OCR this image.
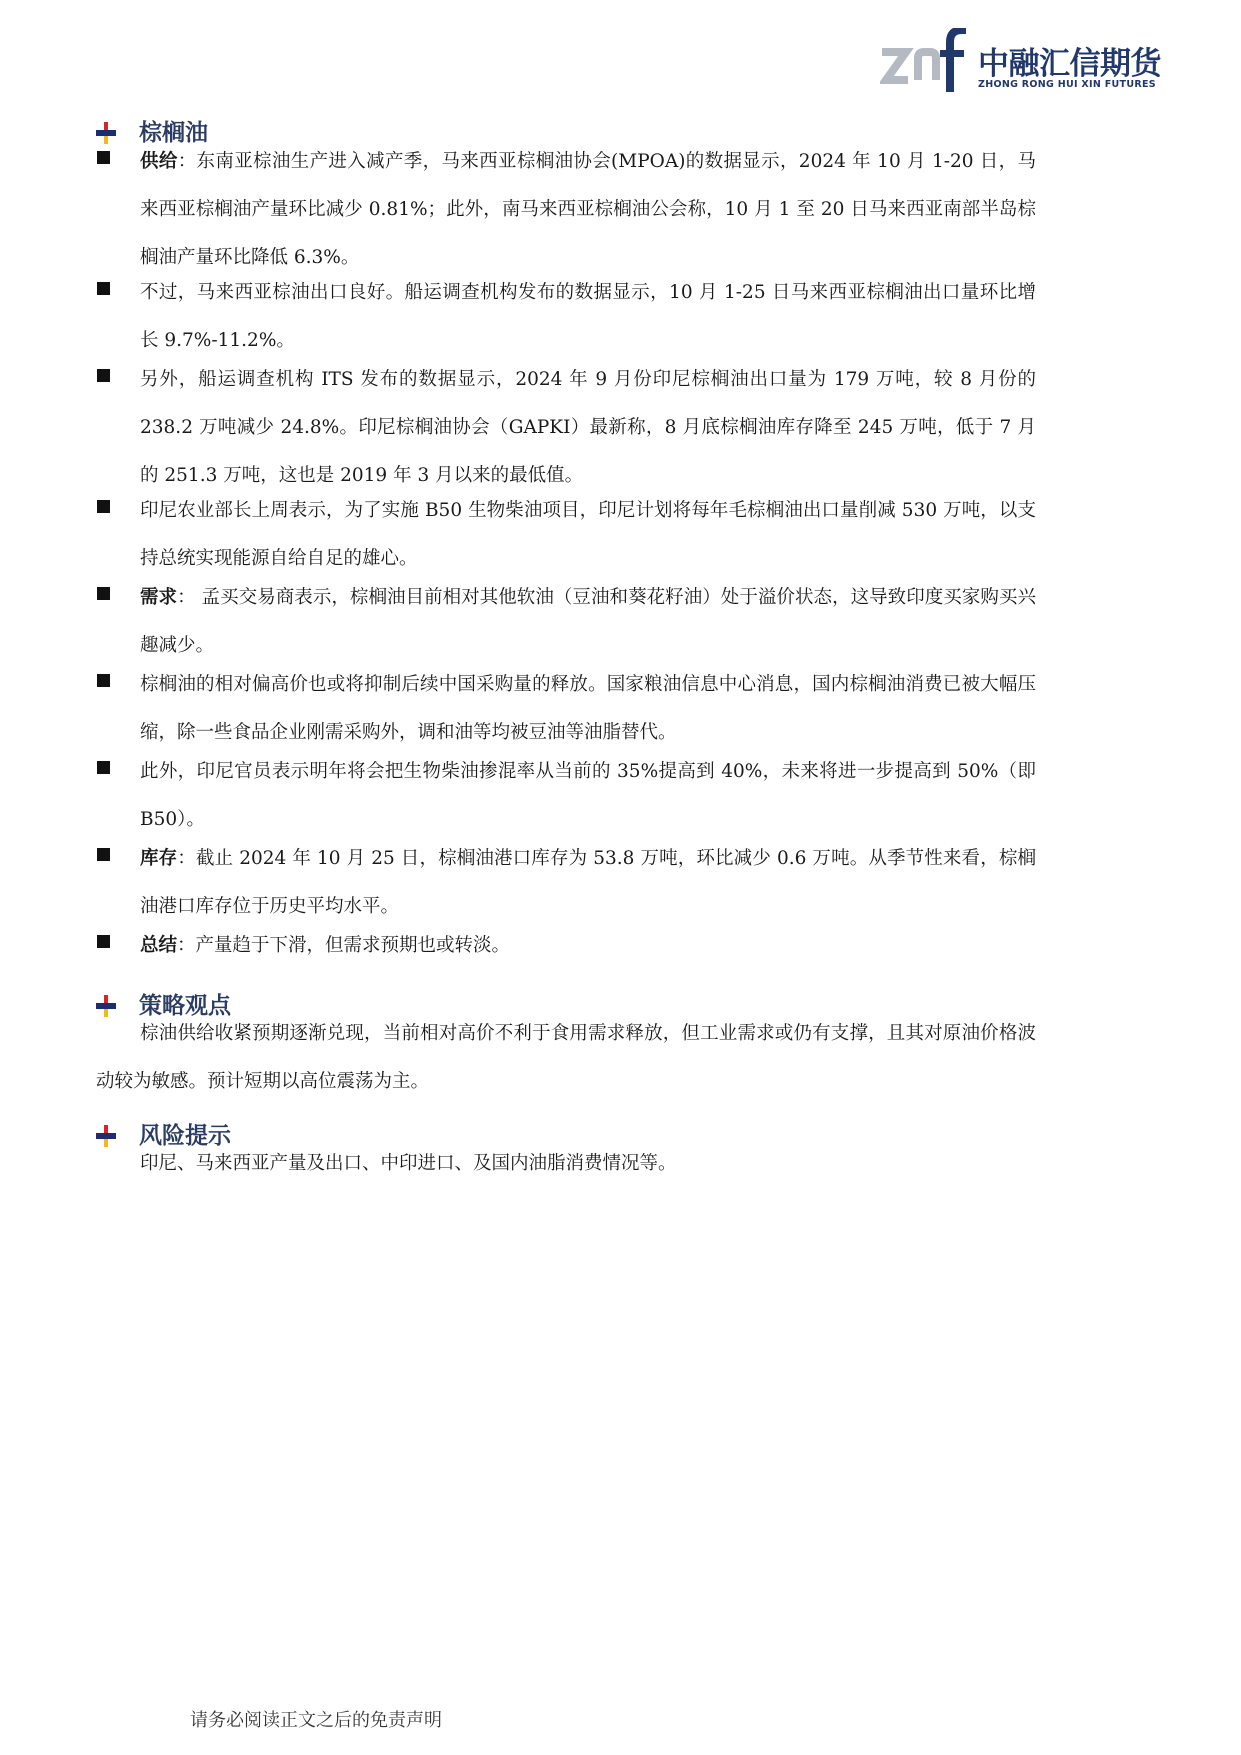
中融汇信期货
ZHONG RONG HUI XIN FUTURES
棕榈油
供给：东南亚棕油生产进入减产季，马来西亚棕榈油协会(MPOA)的数据显示，2024 年 10 月 1-20 日，马来西亚棕榈油产量环比减少 0.81%；此外，南马来西亚棕榈油公会称，10 月 1 至 20 日马来西亚南部半岛棕榈油产量环比降低 6.3%。
不过，马来西亚棕油出口良好。船运调查机构发布的数据显示，10 月 1-25 日马来西亚棕榈油出口量环比增长 9.7%-11.2%。
另外，船运调查机构 ITS 发布的数据显示，2024 年 9 月份印尼棕榈油出口量为 179 万吨，较 8 月份的 238.2 万吨减少 24.8%。印尼棕榈油协会（GAPKI）最新称，8 月底棕榈油库存降至 245 万吨，低于 7 月的 251.3 万吨，这也是 2019 年 3 月以来的最低值。
印尼农业部长上周表示，为了实施 B50 生物柴油项目，印尼计划将每年毛棕榈油出口量削减 530 万吨，以支持总统实现能源自给自足的雄心。
需求： 孟买交易商表示，棕榈油目前相对其他软油（豆油和葵花籽油）处于溢价状态，这导致印度买家购买兴趣减少。
棕榈油的相对偏高价也或将抑制后续中国采购量的释放。国家粮油信息中心消息，国内棕榈油消费已被大幅压缩，除一些食品企业刚需采购外，调和油等均被豆油等油脂替代。
此外，印尼官员表示明年将会把生物柴油掺混率从当前的 35%提高到 40%，未来将进一步提高到 50%（即 B50）。
库存：截止 2024 年 10 月 25 日，棕榈油港口库存为 53.8 万吨，环比减少 0.6 万吨。从季节性来看，棕榈油港口库存位于历史平均水平。
总结：产量趋于下滑，但需求预期也或转淡。
策略观点
棕油供给收紧预期逐渐兑现，当前相对高价不利于食用需求释放，但工业需求或仍有支撑，且其对原油价格波动较为敏感。预计短期以高位震荡为主。
风险提示
印尼、马来西亚产量及出口、中印进口、及国内油脂消费情况等。
请务必阅读正文之后的免责声明
